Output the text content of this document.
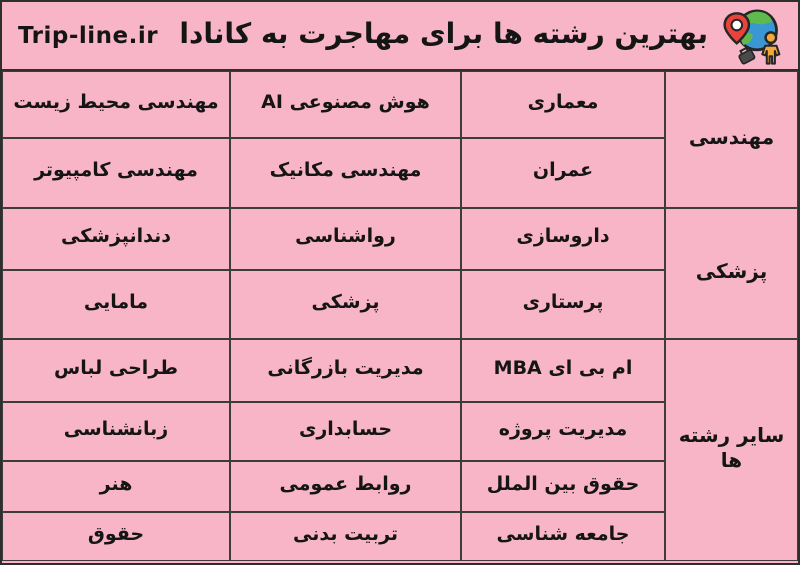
Trip-line.ir بهترین رشته ها برای مهاجرت به کانادا
مهندسی
معماری
هوش مصنوعی AI
مهندسی محیط زیست
عمران
مهندسی مکانیک
مهندسی کامپیوتر
پزشکی
داروسازی
رواشناسی
دندانپزشکی
پرستاری
پزشکی
مامایی
سایر رشته ها
ام بی ای MBA
مدیریت بازرگانی
طراحی لباس
مدیریت پروژه
حسابداری
زبانشناسی
حقوق بین الملل
روابط عمومی
هنر
جامعه شناسی
تربیت بدنی
حقوق
